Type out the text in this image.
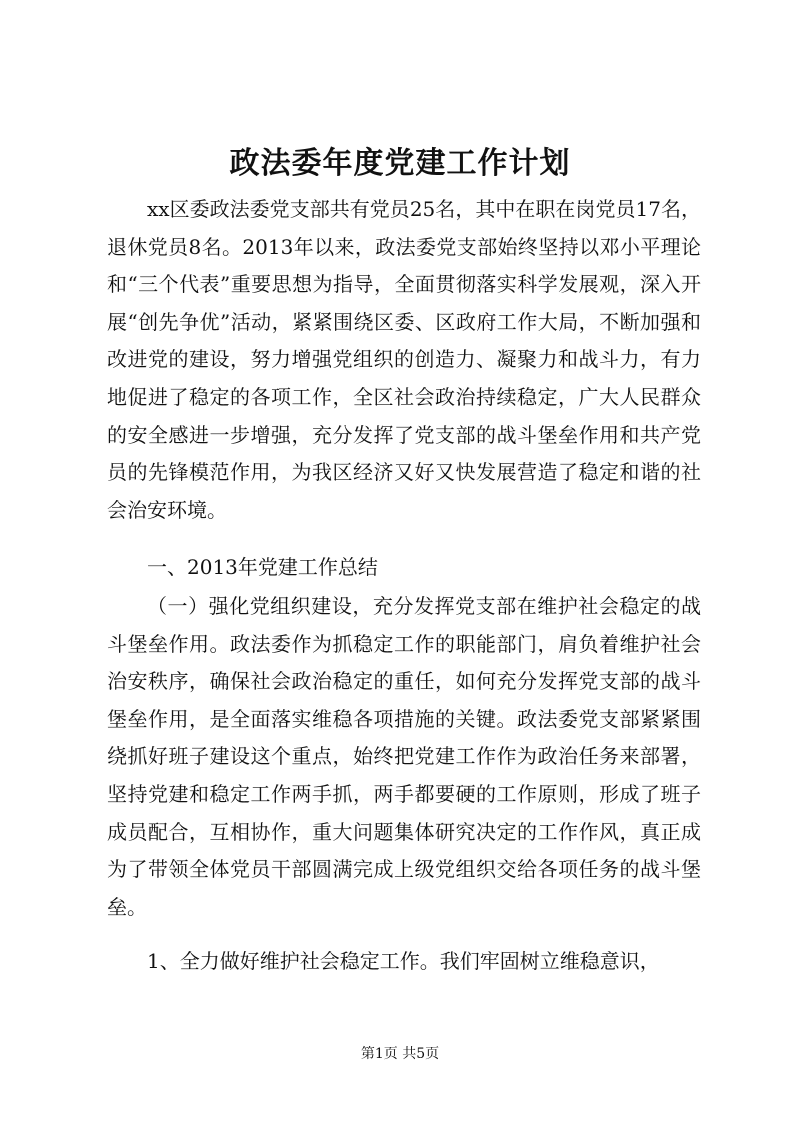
政法委年度党建工作计划

xx区委政法委党支部共有党员25名，其中在职在岗党员17名，退休党员8名。2013年以来，政法委党支部始终坚持以邓小平理论和“三个代表”重要思想为指导，全面贯彻落实科学发展观，深入开展“创先争优”活动，紧紧围绕区委、区政府工作大局，不断加强和改进党的建设，努力增强党组织的创造力、凝聚力和战斗力，有力地促进了稳定的各项工作，全区社会政治持续稳定，广大人民群众的安全感进一步增强，充分发挥了党支部的战斗堡垒作用和共产党员的先锋模范作用，为我区经济又好又快发展营造了稳定和谐的社会治安环境。

一、2013年党建工作总结

（一）强化党组织建设，充分发挥党支部在维护社会稳定的战斗堡垒作用。政法委作为抓稳定工作的职能部门，肩负着维护社会治安秩序，确保社会政治稳定的重任，如何充分发挥党支部的战斗堡垒作用，是全面落实维稳各项措施的关键。政法委党支部紧紧围绕抓好班子建设这个重点，始终把党建工作作为政治任务来部署，坚持党建和稳定工作两手抓，两手都要硬的工作原则，形成了班子成员配合，互相协作，重大问题集体研究决定的工作作风，真正成为了带领全体党员干部圆满完成上级党组织交给各项任务的战斗堡垒。

1、全力做好维护社会稳定工作。我们牢固树立维稳意识，

第1页 共5页
